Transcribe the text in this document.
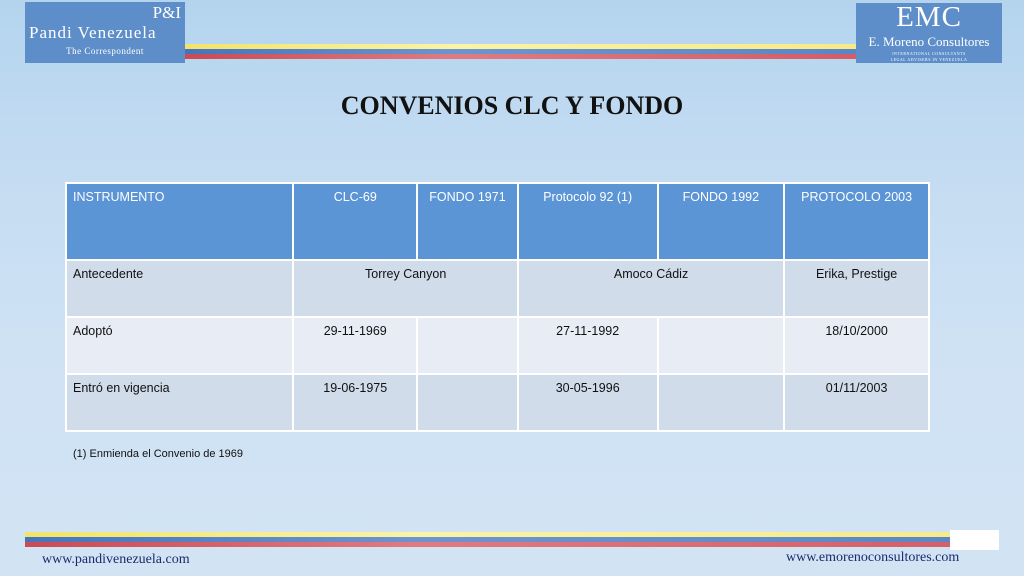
P&I
Pandi Venezuela
The Correspondent
EMC
E. Moreno Consultores
INTERNATIONAL CONSULTANTS
LEGAL ADVISERS IN VENEZUELA
CONVENIOS CLC Y FONDO
INSTRUMENTO	CLC-69	FONDO 1971	Protocolo 92 (1)	FONDO 1992	PROTOCOLO 2003
Antecedente	Torrey Canyon		Amoco Cádiz		Erika, Prestige
Adoptó	29-11-1969		27-11-1992		18/10/2000
Entró en vigencia	19-06-1975		30-05-1996		01/11/2003
(1) Enmienda el Convenio de 1969
www.pandivenezuela.com	www.emorenoconsultores.com
